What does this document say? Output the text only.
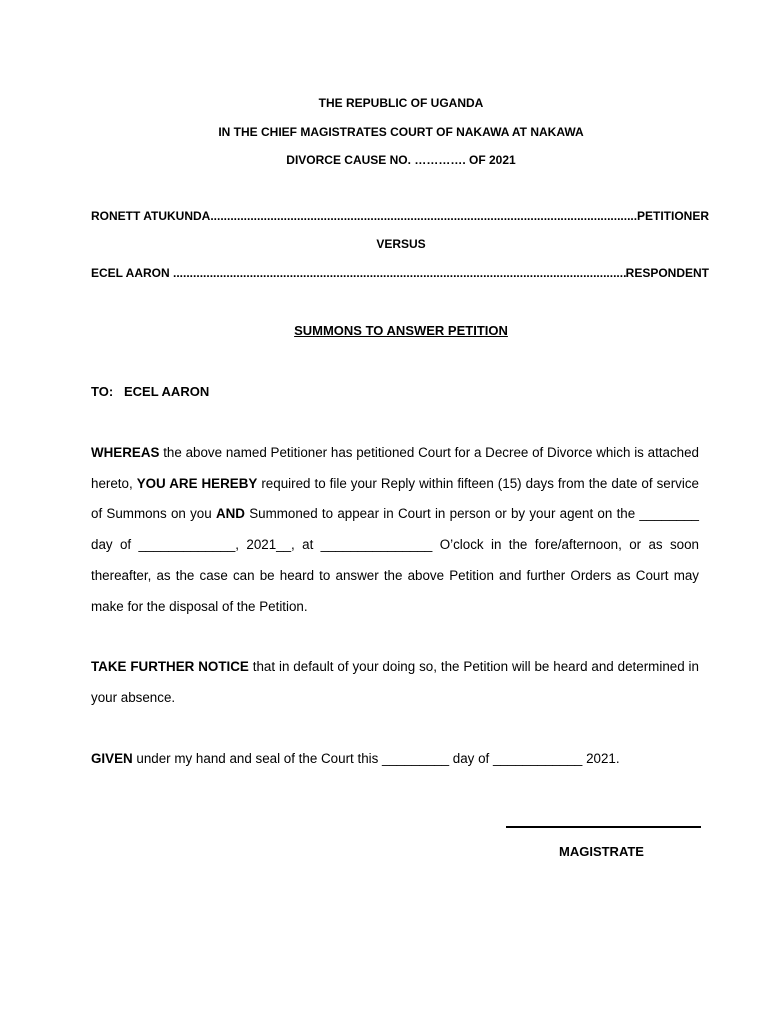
THE REPUBLIC OF UGANDA
IN THE CHIEF MAGISTRATES COURT OF NAKAWA AT NAKAWA
DIVORCE CAUSE NO. …………. OF 2021
RONETT ATUKUNDA .....	PETITIONER
VERSUS
ECEL AARON .....	RESPONDENT
SUMMONS TO ANSWER PETITION
TO:   ECEL AARON
WHEREAS the above named Petitioner has petitioned Court for a Decree of Divorce which is attached hereto, YOU ARE HEREBY required to file your Reply within fifteen (15) days from the date of service of Summons on you AND Summoned to appear in Court in person or by your agent on the ________ day of _____________, 2021__, at _______________ O’clock in the fore/afternoon, or as soon thereafter, as the case can be heard to answer the above Petition and further Orders as Court may make for the disposal of the Petition.
TAKE FURTHER NOTICE that in default of your doing so, the Petition will be heard and determined in your absence.
GIVEN under my hand and seal of the Court this _________ day of ____________ 2021.
MAGISTRATE
